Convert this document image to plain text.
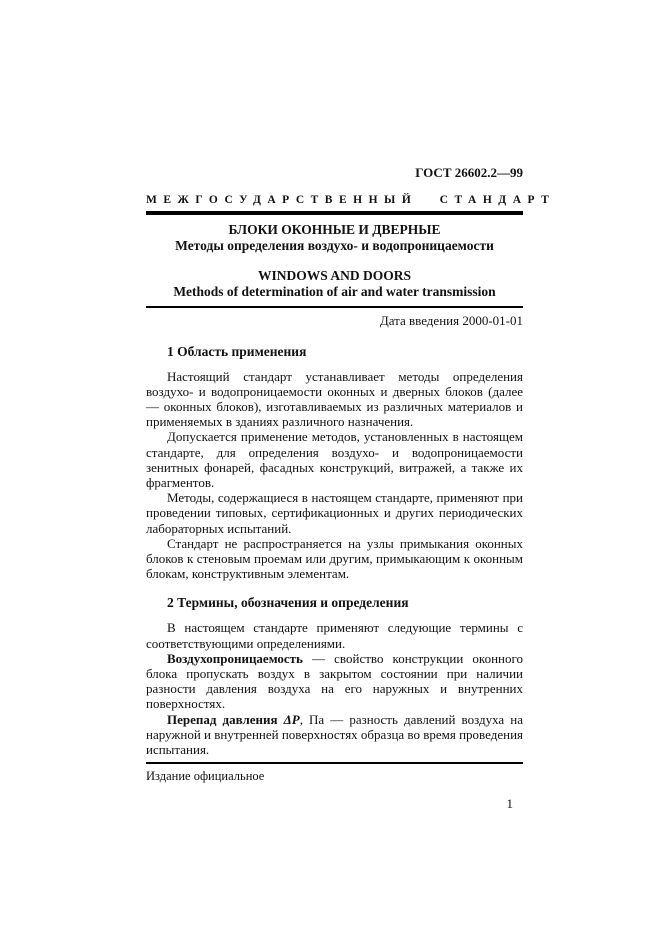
ГОСТ 26602.2—99
МЕЖГОСУДАРСТВЕННЫЙ СТАНДАРТ
БЛОКИ ОКОННЫЕ И ДВЕРНЫЕ
Методы определения воздухо- и водопроницаемости
WINDOWS AND DOORS
Methods of determination of air and water transmission
Дата введения 2000-01-01
1 Область применения

Настоящий стандарт устанавливает методы определения воздухо- и водопроницаемости оконных и дверных блоков (далее — оконных блоков), изготавливаемых из различных материалов и применяемых в зданиях различного назначения.

Допускается применение методов, установленных в настоящем стандарте, для определения воздухо- и водопроницаемости зенитных фонарей, фасадных конструкций, витражей, а также их фрагментов.

Методы, содержащиеся в настоящем стандарте, применяют при проведении типовых, сертификационных и других периодических лабораторных испытаний.

Стандарт не распространяется на узлы примыкания оконных блоков к стеновым проемам или другим, примыкающим к оконным блокам, конструктивным элементам.

2 Термины, обозначения и определения

В настоящем стандарте применяют следующие термины с соответствующими определениями.

Воздухопроницаемость — свойство конструкции оконного блока пропускать воздух в закрытом состоянии при наличии разности давления воздуха на его наружных и внутренних поверхностях.

Перепад давления ΔP, Па — разность давлений воздуха на наружной и внутренней поверхностях образца во время проведения испытания.

Издание официальное
1
